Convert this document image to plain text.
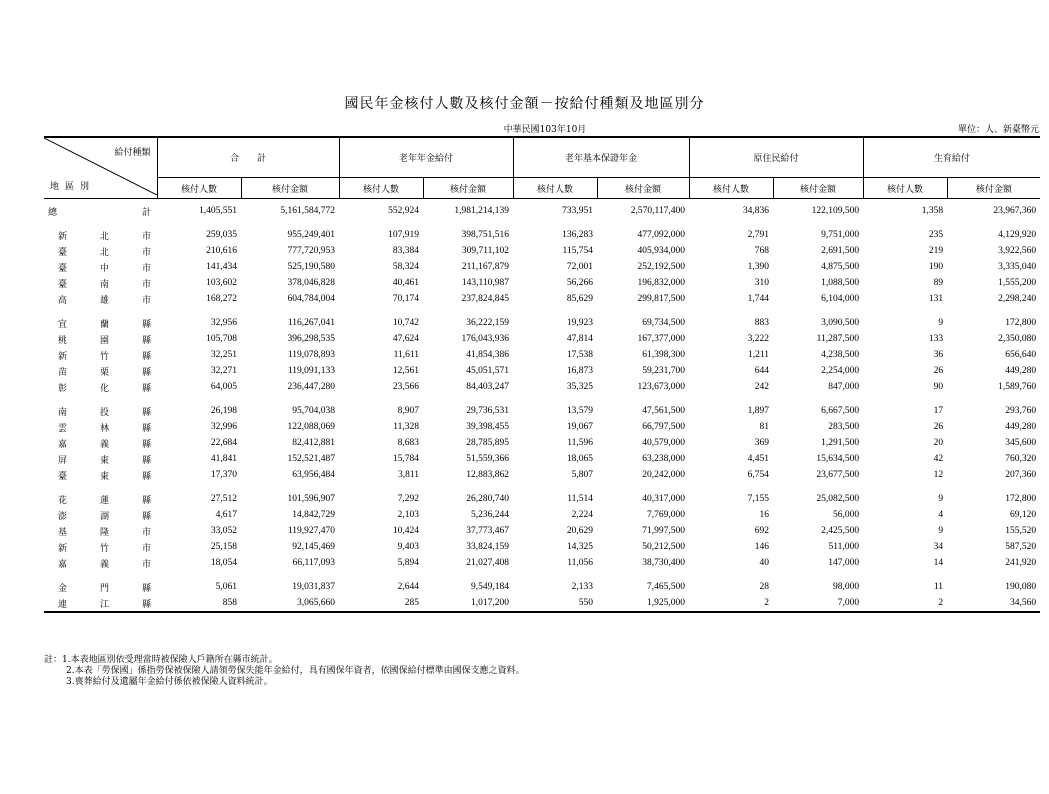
國民年金核付人數及核付金額－按給付種類及地區別分
中華民國103年10月	單位：人、新臺幣元
給付種類
地區別	合　　計		老年年金給付		老年基本保證年金		原住民給付		生育給付	
	核付人數	核付金額	核付人數	核付金額	核付人數	核付金額	核付人數	核付金額	核付人數	核付金額
總計	1,405,551	5,161,584,772	552,924	1,981,214,139	733,951	2,570,117,400	34,836	122,109,500	1,358	23,967,360

新北市	259,035	955,249,401	107,919	398,751,516	136,283	477,092,000	2,791	9,751,000	235	4,129,920
臺北市	210,616	777,720,953	83,384	309,711,102	115,754	405,934,000	768	2,691,500	219	3,922,560
臺中市	141,434	525,190,580	58,324	211,167,879	72,001	252,192,500	1,390	4,875,500	190	3,335,040
臺南市	103,602	378,046,828	40,461	143,110,987	56,266	196,832,000	310	1,088,500	89	1,555,200
高雄市	168,272	604,784,004	70,174	237,824,845	85,629	299,817,500	1,744	6,104,000	131	2,298,240

宜蘭縣	32,956	116,267,041	10,742	36,222,159	19,923	69,734,500	883	3,090,500	9	172,800
桃園縣	105,708	396,298,535	47,624	176,043,936	47,814	167,377,000	3,222	11,287,500	133	2,350,080
新竹縣	32,251	119,078,893	11,611	41,854,386	17,538	61,398,300	1,211	4,238,500	36	656,640
苗栗縣	32,271	119,091,133	12,561	45,051,571	16,873	59,231,700	644	2,254,000	26	449,280
彰化縣	64,005	236,447,280	23,566	84,403,247	35,325	123,673,000	242	847,000	90	1,589,760

南投縣	26,198	95,704,038	8,907	29,736,531	13,579	47,561,500	1,897	6,667,500	17	293,760
雲林縣	32,996	122,088,069	11,328	39,398,455	19,067	66,797,500	81	283,500	26	449,280
嘉義縣	22,684	82,412,881	8,683	28,785,895	11,596	40,579,000	369	1,291,500	20	345,600
屏東縣	41,841	152,521,487	15,784	51,559,366	18,065	63,238,000	4,451	15,634,500	42	760,320
臺東縣	17,370	63,956,484	3,811	12,883,862	5,807	20,242,000	6,754	23,677,500	12	207,360

花蓮縣	27,512	101,596,907	7,292	26,280,740	11,514	40,317,000	7,155	25,082,500	9	172,800
澎湖縣	4,617	14,842,729	2,103	5,236,244	2,224	7,769,000	16	56,000	4	69,120
基隆市	33,052	119,927,470	10,424	37,773,467	20,629	71,997,500	692	2,425,500	9	155,520
新竹市	25,158	92,145,469	9,403	33,824,159	14,325	50,212,500	146	511,000	34	587,520
嘉義市	18,054	66,117,093	5,894	21,027,408	11,056	38,730,400	40	147,000	14	241,920

金門縣	5,061	19,031,837	2,644	9,549,184	2,133	7,465,500	28	98,000	11	190,080
連江縣	858	3,065,660	285	1,017,200	550	1,925,000	2	7,000	2	34,560
註：1.本表地區別依受理當時被保險人戶籍所在縣市統計。
2.本表「勞保國」係指勞保被保險人請領勞保失能年金給付，具有國保年資者，依國保給付標準由國保支應之資料。
3.喪葬給付及遺屬年金給付係依被保險人資料統計。
